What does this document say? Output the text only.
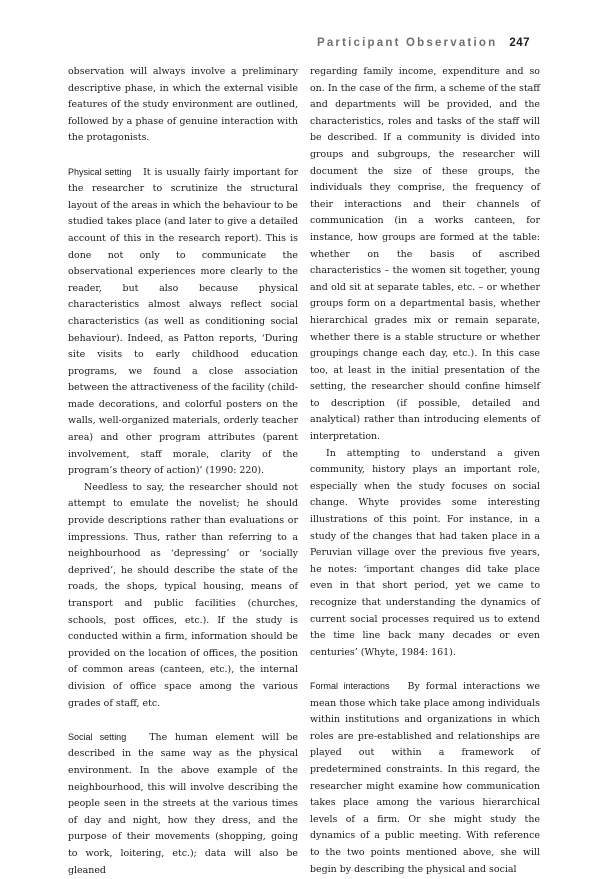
Participant Observation 247

observation will always involve a preliminary descriptive phase, in which the external visible features of the study environment are outlined, followed by a phase of genuine interaction with the protagonists.

Physical setting It is usually fairly important for the researcher to scrutinize the structural layout of the areas in which the behaviour to be studied takes place (and later to give a detailed account of this in the research report). This is done not only to communicate the observational experiences more clearly to the reader, but also because physical characteristics almost always reflect social characteristics (as well as conditioning social behaviour). Indeed, as Patton reports, ‘During site visits to early childhood education programs, we found a close association between the attractiveness of the facility (child-made decorations, and colorful posters on the walls, well-organized materials, orderly teacher area) and other program attributes (parent involvement, staff morale, clarity of the program’s theory of action)’ (1990: 220).

Needless to say, the researcher should not attempt to emulate the novelist; he should provide descriptions rather than evaluations or impressions. Thus, rather than referring to a neighbourhood as ‘depressing’ or ‘socially deprived’, he should describe the state of the roads, the shops, typical housing, means of transport and public facilities (churches, schools, post offices, etc.). If the study is conducted within a firm, information should be provided on the location of offices, the position of common areas (canteen, etc.), the internal division of office space among the various grades of staff, etc.

Social setting The human element will be described in the same way as the physical environment. In the above example of the neighbourhood, this will involve describing the people seen in the streets at the various times of day and night, how they dress, and the purpose of their movements (shopping, going to work, loitering, etc.); data will also be gleaned

regarding family income, expenditure and so on. In the case of the firm, a scheme of the staff and departments will be provided, and the characteristics, roles and tasks of the staff will be described. If a community is divided into groups and subgroups, the researcher will document the size of these groups, the individuals they comprise, the frequency of their interactions and their channels of communication (in a works canteen, for instance, how groups are formed at the table: whether on the basis of ascribed characteristics – the women sit together, young and old sit at separate tables, etc. – or whether groups form on a departmental basis, whether hierarchical grades mix or remain separate, whether there is a stable structure or whether groupings change each day, etc.). In this case too, at least in the initial presentation of the setting, the researcher should confine himself to description (if possible, detailed and analytical) rather than introducing elements of interpretation.

In attempting to understand a given community, history plays an important role, especially when the study focuses on social change. Whyte provides some interesting illustrations of this point. For instance, in a study of the changes that had taken place in a Peruvian village over the previous five years, he notes: ‘important changes did take place even in that short period, yet we came to recognize that understanding the dynamics of current social processes required us to extend the time line back many decades or even centuries’ (Whyte, 1984: 161).

Formal interactions By formal interactions we mean those which take place among individuals within institutions and organizations in which roles are pre-established and relationships are played out within a framework of predetermined constraints. In this regard, the researcher might examine how communication takes place among the various hierarchical levels of a firm. Or she might study the dynamics of a public meeting. With reference to the two points mentioned above, she will begin by describing the physical and social
